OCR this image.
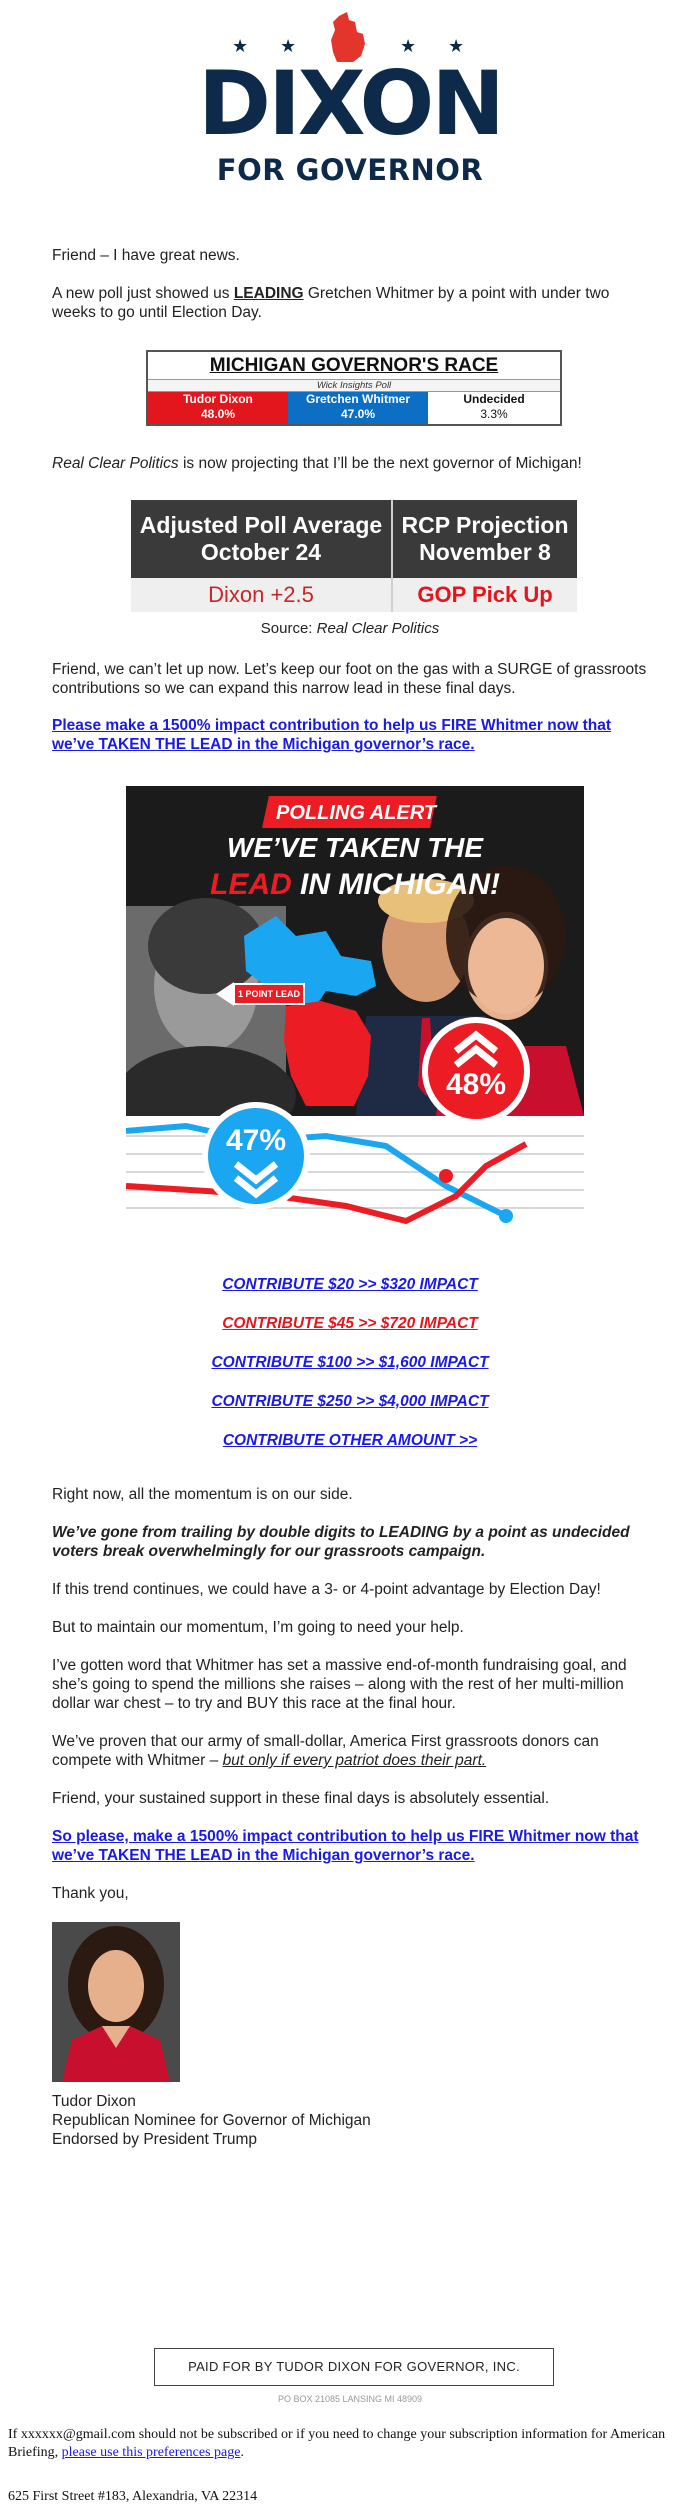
★ ★	★ ★
DIXON
FOR GOVERNOR
Friend – I have great news.
A new poll just showed us LEADING Gretchen Whitmer by a point with under two weeks to go until Election Day.
MICHIGAN GOVERNOR'S RACE
Wick Insights Poll
Tudor Dixon
48.0%
Gretchen Whitmer
47.0%
Undecided
3.3%
Real Clear Politics is now projecting that I’ll be the next governor of Michigan!
Adjusted Poll Average
October 24
RCP Projection
November 8
Dixon +2.5	GOP Pick Up
Source: Real Clear Politics
Friend, we can’t let up now. Let’s keep our foot on the gas with a SURGE of grassroots contributions so we can expand this narrow lead in these final days.
Please make a 1500% impact contribution to help us FIRE Whitmer now that we’ve TAKEN THE LEAD in the Michigan governor’s race.
POLLING ALERT
WE’VE TAKEN THE
LEAD IN MICHIGAN!
1 POINT LEAD
48%
47%
CONTRIBUTE $20 >> $320 IMPACT
CONTRIBUTE $45 >> $720 IMPACT
CONTRIBUTE $100 >> $1,600 IMPACT
CONTRIBUTE $250 >> $4,000 IMPACT
CONTRIBUTE OTHER AMOUNT >>
Right now, all the momentum is on our side.
We’ve gone from trailing by double digits to LEADING by a point as undecided voters break overwhelmingly for our grassroots campaign.
If this trend continues, we could have a 3- or 4-point advantage by Election Day!
But to maintain our momentum, I’m going to need your help.
I’ve gotten word that Whitmer has set a massive end-of-month fundraising goal, and she’s going to spend the millions she raises – along with the rest of her multi-million dollar war chest – to try and BUY this race at the final hour.
We’ve proven that our army of small-dollar, America First grassroots donors can compete with Whitmer – but only if every patriot does their part.
Friend, your sustained support in these final days is absolutely essential.
So please, make a 1500% impact contribution to help us FIRE Whitmer now that we’ve TAKEN THE LEAD in the Michigan governor’s race.
Thank you,
Tudor Dixon
Republican Nominee for Governor of Michigan
Endorsed by President Trump
PAID FOR BY TUDOR DIXON FOR GOVERNOR, INC.
PO BOX 21085 LANSING MI 48909
If xxxxxx@gmail.com should not be subscribed or if you need to change your subscription information for American Briefing, please use this preferences page.
625 First Street #183, Alexandria, VA 22314
